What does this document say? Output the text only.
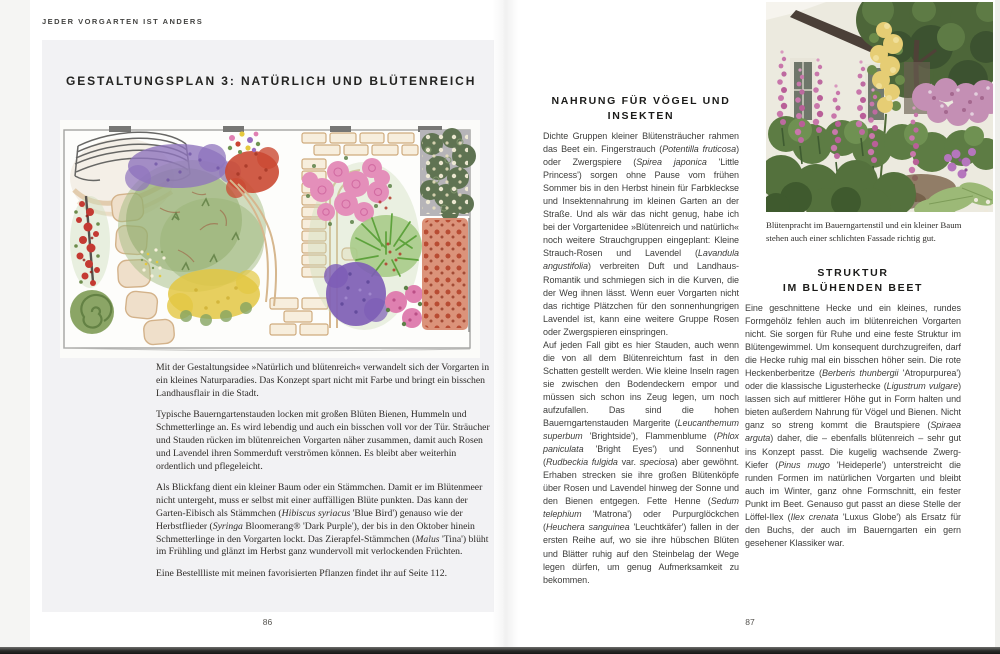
JEDER VORGARTEN IST ANDERS
GESTALTUNGSPLAN 3: NATÜRLICH UND BLÜTENREICH

Mit der Gestaltungsidee »Natürlich und blütenreich« verwandelt sich der Vorgarten in ein kleines Naturparadies. Das Konzept spart nicht mit Farbe und bringt ein bisschen Landhausflair in die Stadt.

Typische Bauerngartenstauden locken mit großen Blüten Bienen, Hummeln und Schmetterlinge an. Es wird lebendig und auch ein bisschen voll vor der Tür. Sträucher und Stauden rücken im blütenreichen Vorgarten näher zusammen, damit auch Rosen und Lavendel ihren Sommerduft verströmen können. Es bleibt aber weiterhin ordentlich und pflegeleicht.

Als Blickfang dient ein kleiner Baum oder ein Stämmchen. Damit er im Blütenmeer nicht untergeht, muss er selbst mit einer auffälligen Blüte punkten. Das kann der Garten-Eibisch als Stämmchen (Hibiscus syriacus 'Blue Bird') genauso wie der Herbstflieder (Syringa Bloomerang® 'Dark Purple'), der bis in den Oktober hinein Schmetterlinge in den Vorgarten lockt. Das Zierapfel-Stämmchen (Malus 'Tina') blüht im Frühling und glänzt im Herbst ganz wundervoll mit verlockenden Früchten.

Eine Bestellliste mit meinen favorisierten Pflanzen findet ihr auf Seite 112.

86
NAHRUNG FÜR VÖGEL UND
INSEKTEN

Dichte Gruppen kleiner Blütensträucher rahmen das Beet ein. Fingerstrauch (Potentilla fruticosa) oder Zwergspiere (Spirea japonica 'Little Princess') sorgen ohne Pause vom frühen Sommer bis in den Herbst hinein für Farbkleckse und Insektennahrung im kleinen Garten an der Straße. Und als wär das nicht genug, habe ich bei der Vorgartenidee »Blütenreich und natürlich« noch weitere Strauchgruppen eingeplant: Kleine Strauch-Rosen und Lavendel (Lavandula angustifolia) verbreiten Duft und Landhaus-Romantik und schmiegen sich in die Kurven, die der Weg ihnen lässt. Wenn euer Vorgarten nicht das richtige Plätzchen für den sonnenhungrigen Lavendel ist, kann eine weitere Gruppe Rosen oder Zwergspieren einspringen.

Auf jeden Fall gibt es hier Stauden, auch wenn die von all dem Blütenreichtum fast in den Schatten gestellt werden. Wie kleine Inseln ragen sie zwischen den Bodendeckern empor und müssen sich schon ins Zeug legen, um noch aufzufallen. Das sind die hohen Bauerngartenstauden Margerite (Leucanthemum superbum 'Brightside'), Flammenblume (Phlox paniculata 'Bright Eyes') und Sonnenhut (Rudbeckia fulgida var. speciosa) aber gewöhnt. Erhaben strecken sie ihre großen Blütenköpfe über Rosen und Lavendel hinweg der Sonne und den Bienen entgegen. Fette Henne (Sedum telephium 'Matrona') oder Purpurglöckchen (Heuchera sanguinea 'Leuchtkäfer') fallen in der ersten Reihe auf, wo sie ihre hübschen Blüten und Blätter ruhig auf den Steinbelag der Wege legen dürfen, um genug Aufmerksamkeit zu bekommen.

Blütenpracht im Bauerngartenstil und ein kleiner Baum stehen auch einer schlichten Fassade richtig gut.
STRUKTUR
IM BLÜHENDEN BEET

Eine geschnittene Hecke und ein kleines, rundes Formgehölz fehlen auch im blütenreichen Vorgarten nicht. Sie sorgen für Ruhe und eine feste Struktur im Blütengewimmel. Um konsequent durchzugreifen, darf die Hecke ruhig mal ein bisschen höher sein. Die rote Heckenberberitze (Berberis thunbergii 'Atropurpurea') oder die klassische Ligusterhecke (Ligustrum vulgare) lassen sich auf mittlerer Höhe gut in Form halten und bieten außerdem Nahrung für Vögel und Bienen. Nicht ganz so streng kommt die Brautspiere (Spiraea arguta) daher, die – ebenfalls blütenreich – sehr gut ins Konzept passt. Die kugelig wachsende Zwerg-Kiefer (Pinus mugo 'Heideperle') unterstreicht die runden Formen im natürlichen Vorgarten und bleibt auch im Winter, ganz ohne Formschnitt, ein fester Punkt im Beet. Genauso gut passt an diese Stelle der Löffel-Ilex (Ilex crenata 'Luxus Globe') als Ersatz für den Buchs, der auch im Bauerngarten ein gern gesehener Klassiker war.

87
